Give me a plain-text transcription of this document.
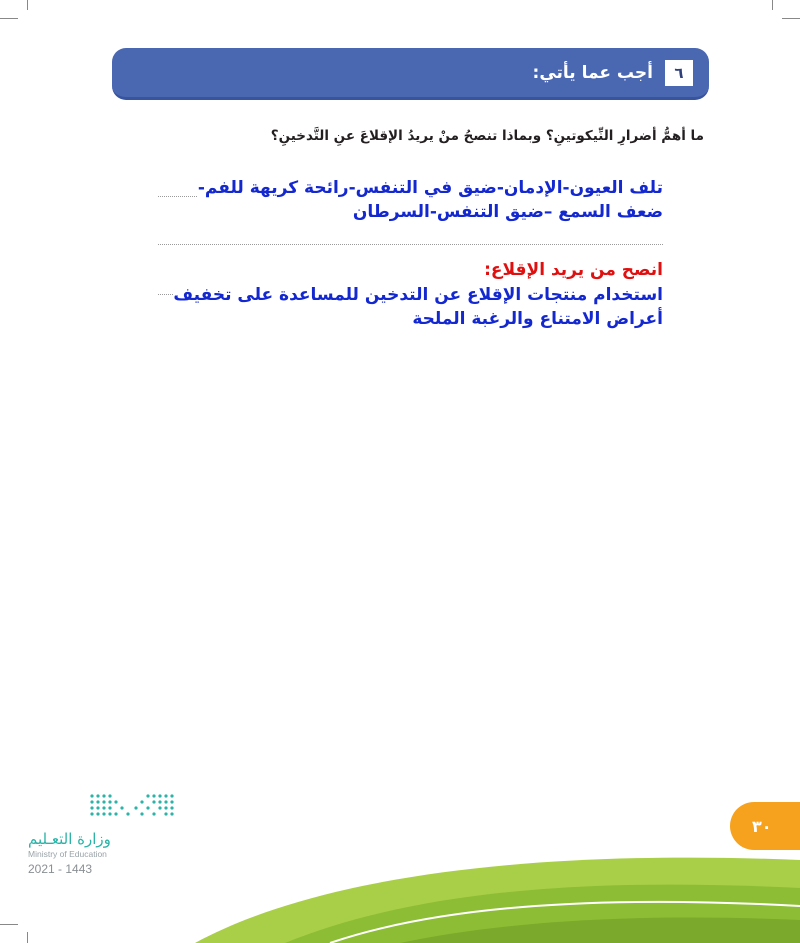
أجب عما يأتي:	٦
ما أهمُّ أضرارِ النِّيكوتينِ؟ وبماذا تنصحُ منْ يريدُ الإقلاعَ عنِ التَّدخينِ؟
تلف العيون-الإدمان-ضيق في التنفس-رائحة كريهة للفم-
ضعف السمع –ضيق التنفس-السرطان
انصح من يريد الإقلاع:
استخدام منتجات الإقلاع عن التدخين للمساعدة على تخفيف
أعراض الامتناع والرغبة الملحة
وزارة التعـليم
Ministry of Education
2021 - 1443
٣٠
